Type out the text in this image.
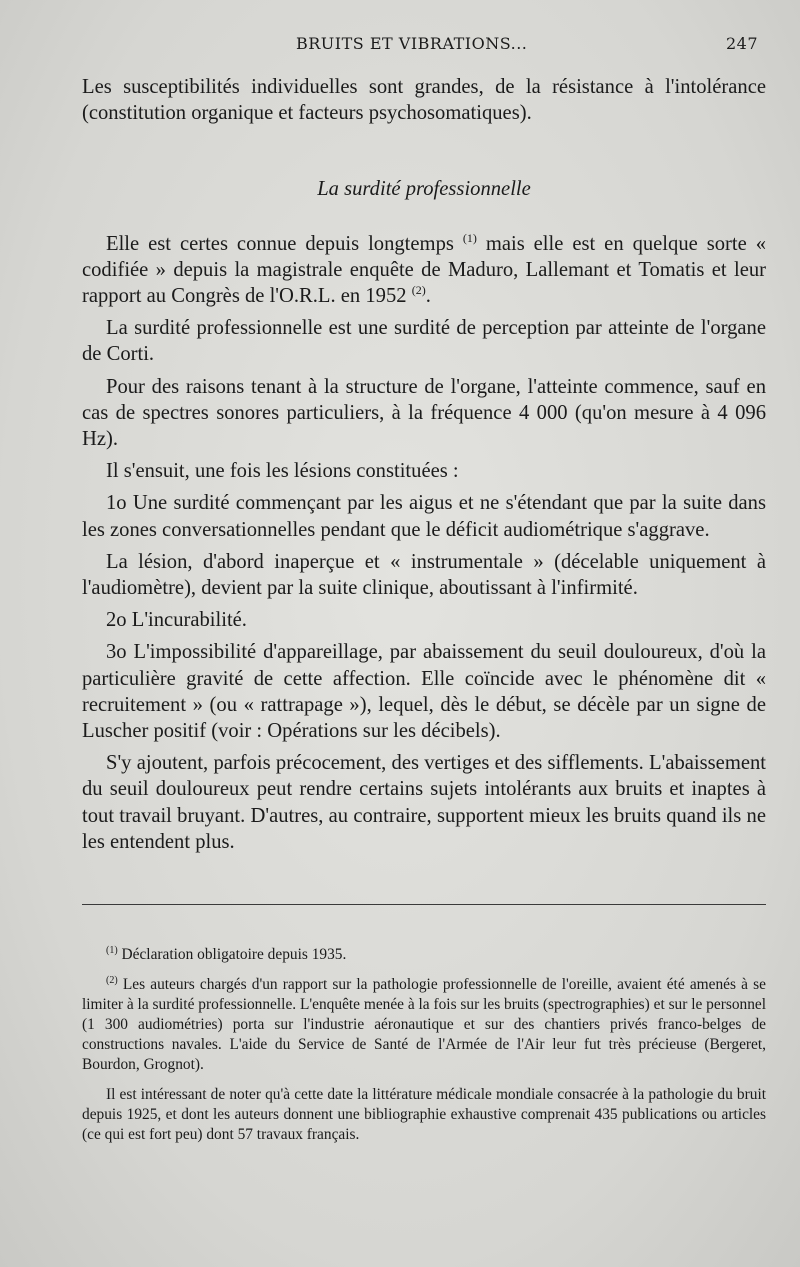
BRUITS ET VIBRATIONS...	247

Les susceptibilités individuelles sont grandes, de la résistance à l'intolérance (constitution organique et facteurs psychosomatiques).

La surdité professionnelle

Elle est certes connue depuis longtemps $^{(1)}$ mais elle est en quelque sorte « codifiée » depuis la magistrale enquête de Maduro, Lallemant et Tomatis et leur rapport au Congrès de l'O.R.L. en 1952 $^{(2)}$.

La surdité professionnelle est une surdité de perception par atteinte de l'organe de Corti.

Pour des raisons tenant à la structure de l'organe, l'atteinte commence, sauf en cas de spectres sonores particuliers, à la fréquence 4 000 (qu'on mesure à 4 096 Hz).

Il s'ensuit, une fois les lésions constituées :

1o Une surdité commençant par les aigus et ne s'étendant que par la suite dans les zones conversationnelles pendant que le déficit audiométrique s'aggrave.

La lésion, d'abord inaperçue et « instrumentale » (décelable uniquement à l'audiomètre), devient par la suite clinique, aboutissant à l'infirmité.

2o L'incurabilité.

3o L'impossibilité d'appareillage, par abaissement du seuil douloureux, d'où la particulière gravité de cette affection. Elle coïncide avec le phénomène dit « recruitement » (ou « rattrapage »), lequel, dès le début, se décèle par un signe de Luscher positif (voir : Opérations sur les décibels).

S'y ajoutent, parfois précocement, des vertiges et des sifflements. L'abaissement du seuil douloureux peut rendre certains sujets intolérants aux bruits et inaptes à tout travail bruyant. D'autres, au contraire, supportent mieux les bruits quand ils ne les entendent plus.

$^{(1)}$ Déclaration obligatoire depuis 1935.

$^{(2)}$ Les auteurs chargés d'un rapport sur la pathologie professionnelle de l'oreille, avaient été amenés à se limiter à la surdité professionnelle. L'enquête menée à la fois sur les bruits (spectrographies) et sur le personnel (1 300 audiométries) porta sur l'industrie aéronautique et sur des chantiers privés franco-belges de constructions navales. L'aide du Service de Santé de l'Armée de l'Air leur fut très précieuse (Bergeret, Bourdon, Grognot).

Il est intéressant de noter qu'à cette date la littérature médicale mondiale consacrée à la pathologie du bruit depuis 1925, et dont les auteurs donnent une bibliographie exhaustive comprenait 435 publications ou articles (ce qui est fort peu) dont 57 travaux français.
